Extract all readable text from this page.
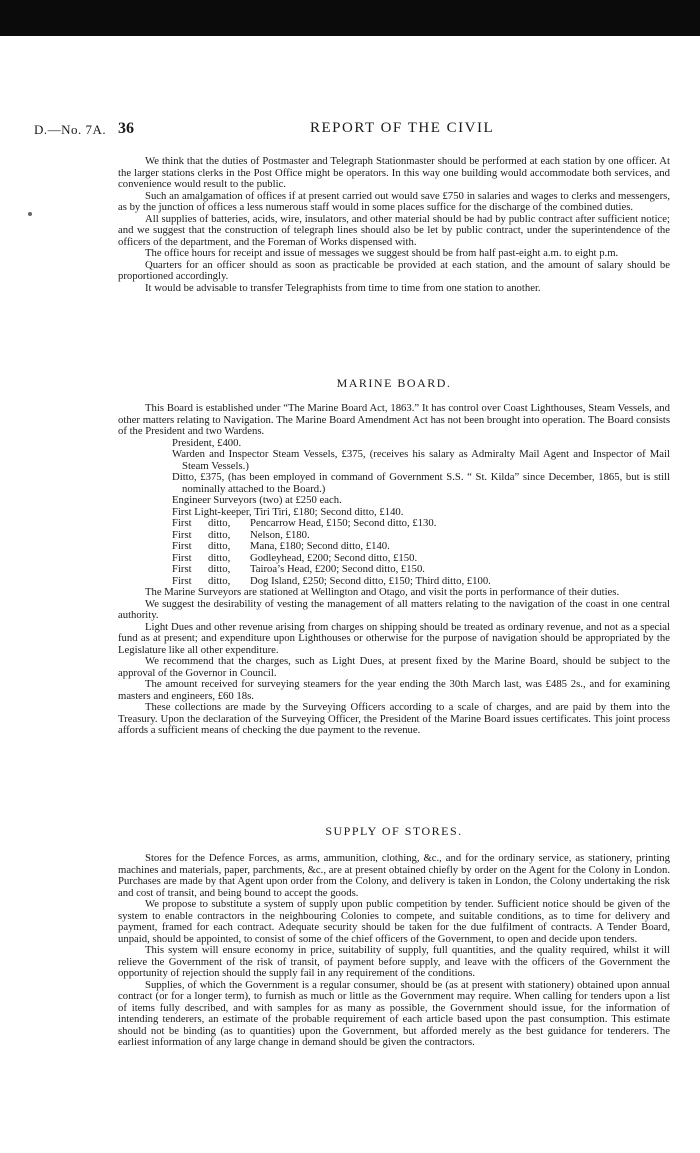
D.—No. 7A. 36	REPORT OF THE CIVIL

We think that the duties of Postmaster and Telegraph Stationmaster should be performed at each station by one officer. At the larger stations clerks in the Post Office might be operators. In this way one building would accommodate both services, and convenience would result to the public.

Such an amalgamation of offices if at present carried out would save £750 in salaries and wages to clerks and messengers, as by the junction of offices a less numerous staff would in some places suffice for the discharge of the combined duties.

All supplies of batteries, acids, wire, insulators, and other material should be had by public contract after sufficient notice; and we suggest that the construction of telegraph lines should also be let by public contract, under the superintendence of the officers of the department, and the Foreman of Works dispensed with.

The office hours for receipt and issue of messages we suggest should be from half past-eight a.m. to eight p.m.

Quarters for an officer should as soon as practicable be provided at each station, and the amount of salary should be proportioned accordingly.

It would be advisable to transfer Telegraphists from time to time from one station to another.

MARINE BOARD.

This Board is established under “The Marine Board Act, 1863.” It has control over Coast Lighthouses, Steam Vessels, and other matters relating to Navigation. The Marine Board Amendment Act has not been brought into operation. The Board consists of the President and two Wardens.

President, £400.
Warden and Inspector Steam Vessels, £375, (receives his salary as Admiralty Mail Agent and Inspector of Mail Steam Vessels.)
Ditto, £375, (has been employed in command of Government S.S. “ St. Kilda” since December, 1865, but is still nominally attached to the Board.)
Engineer Surveyors (two) at £250 each.
First Light-keeper, Tiri Tiri, £180; Second ditto, £140.
First	ditto,	Pencarrow Head, £150; Second ditto, £130.
First	ditto,	Nelson, £180.
First	ditto,	Mana, £180; Second ditto, £140.
First	ditto,	Godleyhead, £200; Second ditto, £150.
First	ditto,	Tairoa’s Head, £200; Second ditto, £150.
First	ditto,	Dog Island, £250; Second ditto, £150; Third ditto, £100.

The Marine Surveyors are stationed at Wellington and Otago, and visit the ports in performance of their duties.

We suggest the desirability of vesting the management of all matters relating to the navigation of the coast in one central authority.

Light Dues and other revenue arising from charges on shipping should be treated as ordinary revenue, and not as a special fund as at present; and expenditure upon Lighthouses or otherwise for the purpose of navigation should be appropriated by the Legislature like all other expenditure.

We recommend that the charges, such as Light Dues, at present fixed by the Marine Board, should be subject to the approval of the Governor in Council.

The amount received for surveying steamers for the year ending the 30th March last, was £485 2s., and for examining masters and engineers, £60 18s.

These collections are made by the Surveying Officers according to a scale of charges, and are paid by them into the Treasury. Upon the declaration of the Surveying Officer, the President of the Marine Board issues certificates. This joint process affords a sufficient means of checking the due payment to the revenue.

SUPPLY OF STORES.

Stores for the Defence Forces, as arms, ammunition, clothing, &c., and for the ordinary service, as stationery, printing machines and materials, paper, parchments, &c., are at present obtained chiefly by order on the Agent for the Colony in London. Purchases are made by that Agent upon order from the Colony, and delivery is taken in London, the Colony undertaking the risk and cost of transit, and being bound to accept the goods.

We propose to substitute a system of supply upon public competition by tender. Sufficient notice should be given of the system to enable contractors in the neighbouring Colonies to compete, and suitable conditions, as to time for delivery and payment, framed for each contract. Adequate security should be taken for the due fulfilment of contracts. A Tender Board, unpaid, should be appointed, to consist of some of the chief officers of the Government, to open and decide upon tenders.

This system will ensure economy in price, suitability of supply, full quantities, and the quality required, whilst it will relieve the Government of the risk of transit, of payment before supply, and leave with the officers of the Government the opportunity of rejection should the supply fail in any requirement of the conditions.

Supplies, of which the Government is a regular consumer, should be (as at present with stationery) obtained upon annual contract (or for a longer term), to furnish as much or little as the Government may require. When calling for tenders upon a list of items fully described, and with samples for as many as possible, the Government should issue, for the information of intending tenderers, an estimate of the probable requirement of each article based upon the past consumption. This estimate should not be binding (as to quantities) upon the Government, but afforded merely as the best guidance for tenderers. The earliest information of any large change in demand should be given the contractors.
